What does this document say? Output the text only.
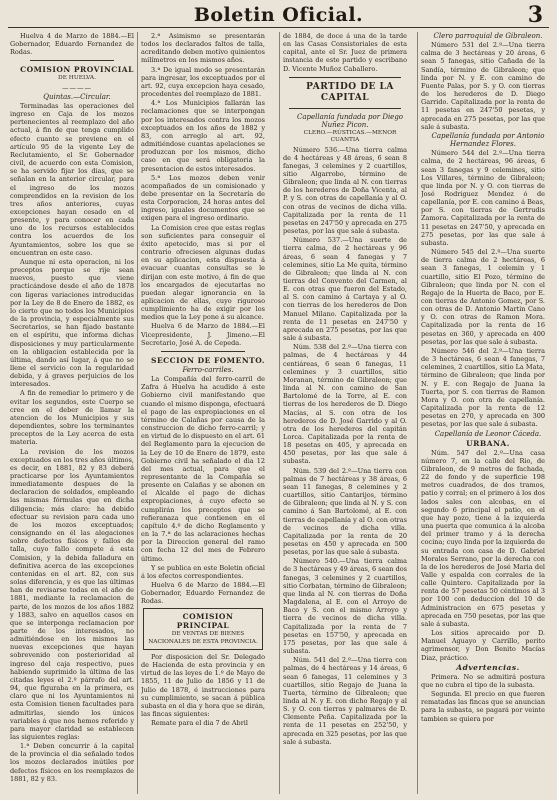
Boletin Oficial.	3

Huelva 4 de Marzo de 1884.—El Gobernador, Eduardo Fernandez de Rodas.

COMISION PROVINCIAL

DE HUELVA.

————

Quintas.—Circular.

Terminadas las operaciones del ingreso en Caja de los mozos pertenecientes al reemplazo del año actual, á fin de que tenga cumplido efecto cuanto se previene en el artículo 95 de la vigente Ley de Reclutamiento, el Sr. Gobernador civil, de acuerdo con esta Comision, se ha servido fijar los dias, que se señalan en la anterior circular, para el ingreso de los mozos comprendidos en la revision de los tres años anteriores, cuyas excepciones hayan cesado en el presente, y para conocer en cada uno de los recursos establecidos contra los acuerdos de los Ayuntamientos, sobre los que se encuentran en este caso.

Aunque ni esta operacion, ni los preceptos porque se rije sean nuevos, puesto que viene practicándose desde el año de 1878 con ligeras variaciones introducidas por la Ley de 8 de Enero de 1882, es lo cierto que no todos los Municipios de la provincia, y especialmente sus Secretarios, se han fijado bastante en el espíritu, que informa dichas disposiciones y muy particularmente en la obligacion establecida por la última, dando así lugar, á que no se llene el servicio con la regularidad debida, y á graves perjuicios de los interesados.

A fin de remediar lo primero y de evitar los segundos, este Cuerpo se cree en el deber de llamar la atencion de los Municipios y sus dependientes, sobre los terminantes preceptos de la Ley acerca de esta materia.

La revision de los mozos exceptuados en los tres años últimos, es decir, en 1881, 82 y 83 deberá practicarse por los Ayuntamientos inmediatamente despues de la declaracion de soldados, empleando las mismas fórmulas que en dicha diligencia; más claro: ha debido efectuar su revision para cada uno de los mozos exceptuados; consignando en él las alegaciones sobre defectos físicos y fallos de talla, cuyo fallo compete á esta Comision, y la debida falladura en definitiva acerca de las excepciones contenidas en el art. 82, con sus solas diferencia, y es que las últimas han de revisarse todas en el año de 1881, mediante la reclamacion de parte, de los mozos de los años 1882 y 1883, salvo en aquellos casos en que se interponga reclamacion por parte de los interesados, no admitiéndose en los mismos las nuevas excepciones que hayan sobrevenido con posterioridad al ingreso del caja respectivo, pues habiendo suprimido la última de las citadas leyes el 2.º párrafo del art. 94, que figuraba en la primera, es claro que ni los Ayuntamientos ni esta Comision tienen facultades para admitirlas, siendo los únicos variables á que nos hemos referido y para mayor claridad se establecen las siguientes reglas:

1.ª Deben concurrir á la capital de la provincia el dia señalado todos los mozos declarados inútiles por defectos físicos en los reemplazos de 1881, 82 y 83.

2.ª Asimismo se presentarán todos los declarados faltos de talla, acreditando deben motivo quinientos milímetros en los mismos años.

3.ª De igual modo se presentarán para ingresar, los exceptuados por el art. 92, cuya excepcion haya cesado, procedentes del reemplazo de 1881.

4.ª Los Municipios fallarán las reclamaciones que se interpongan por los interesados contra los mozos exceptuados en los años de 1882 y 83, con arreglo al art. 92, admitiéndose cuantas apelaciones se produzcan por los mismos, dicho caso en que será obligatoria la presentacion de estos interesados.

5.ª Los mozos deben venir acompañados de un comisionado y debe presentar en la Secretaría de esta Corporacion, 24 horas antes del ingreso, iguales documentos que se exigen para el ingreso ordinario.

La Comision cree que estas reglas son suficientes para conseguir el éxito apetecido, mas si por el contrario ofreciesen algunas dudas en su aplicacion, esta dispuesta á evacuar cuantas consultas se le dirijan con este motivo, á fin de que los encargados de ejecutarlas no puedan alegar ignorancia en la aplicacion de ellas, cuyo riguroso cumplimiento ha de exigir por los medios que la Ley pone á su alcance.

Huelva 6 de Marzo de 1884.—El Vicepresidente, J. Jimeno.—El Secretario, José A. de Cepeda.

SECCION DE FOMENTO.

Ferro-carriles.

La Compañía del ferro-carril de Zafra á Huelva ha acudido á este Gobierno civil manifestando que cuando el mismo disponga, efectuará el pago de las expropiaciones en el término de Calañas por causa de la construccion de dicho ferro-carril; y en virtud de lo dispuesto en el art. 61 del Reglamento para la ejecucion de la Ley de 10 de Enero de 1879, este Gobierno civil ha señalado el dia 12 del mes actual, para que el representante de la Compañía se presente en Calañas y se abonen en el Alcalde el pago de dichas expropiaciones, á cuyo efecto se cumplirán los preceptos que se refieranaza que contienen en el capítulo 4.º de dicho Reglamento y en la 7.ª de las aclaraciones hechas por la Direccion general del ramo con fecha 12 del mes de Febrero último.

Y se publica en este Boletin oficial á los efectos correspondientes.

Huelva 6 de Marzo de 1884.—El Gobernador, Eduardo Fernandez de Rodas.

COMISION PRINCIPAL

DE VENTAS DE BIENES NACIONALES DE ESTA PROVINCIA.

Por disposicion del Sr. Delegado de Hacienda de esta provincia y en virtud de las leyes de 1.º de Mayo de 1855, 11 de Julio de 1856 y 11 de Julio de 1878, é instrucciones para su cumplimiento, se sacan á pública subasta en el dia y hora que se dirán, las fincas siguientes:

Remate para el dia 7 de Abril

de 1884, de doce á una de la tarde en las Casas Consistoriales de esta capital, ante el Sr. Juez de primera instancia de este partido y escribano D. Vicente Muñoz Caballero.

PARTIDO DE LA CAPITAL

Capellanía fundada por Diego Nuñez Picon.

CLERO.—RÚSTICAS.—MENOR CUANTIA

Número 536.—Una tierra calma de 4 hectáreas y 48 áreas, 6 sean 8 fanegas, 3 celemines y 2 cuartillos, sitio Algarrobo, término de Gibraleon; que linda al N. con tierras de los herederos de Doña Vicenta, al P. y S. con otras de capellanía y al O. con otras de vecinos de dicha villa. Capitalizada por la renta de 11 pesetas en 247'50 y aprecada en 275 pesetas, por las que sale á subasta.

Número 537.—Una suerte de tierra calma, de 2 hectáreas y 96 áreas, 6 sean 4 fanegas y 7 celemines, sitio La Me quita, término de Gibraleon; que linda al N. con tierras del Convento del Carmen, al E. con otras que fueron del Estado, al S. con camino á Cartaya y al O. con tierras de los herederos de Don Manuel Milano. Capitalizada por la renta de 11 pesetas en 247'50 y aprecada en 275 pesetas, por las que sale á subasta.

Núm. 538 del 2.º—Una tierra con palmas, de 4 hectáreas y 44 centiáreas, 6 sean 6 fanegas, 11 celemines y 3 cuartillos, sitio Moranan, término de Gibraleon; que linda al N. con camino de San Bartolomé de la Torre, al E. con tierras de los herederos de D. Diego Macías, al S. con otra de los herederos de D. José Garrido y al O. otra de los herederos del capitán Lorca. Capitalizada por la renta de 18 pesetas en 405, y aprecada en 450 pesetas, por las que sale á subasta.

Núm. 539 del 2.º—Una tierra con palmas de 7 hectáreas y 38 áreas, 6 sean 11 fanegas, 8 celemines y 2 cuartillos, sitio Cantarijos, término de Gibraleon; que linda al N. y S. con camino á San Bartolomé, al E. con tierras de capellanía y al O. con otras de vecinos de dicha villa. Capitalizada por la renta de 20 pesetas en 450 y aprecada en 500 pesetas, por las que sale á subasta.

Número 540.—Una tierra calma de 3 hectáreas y 49 áreas, 6 sean dos fanegas, 3 celemines y 2 cuartillos, sitio Corbatan, término de Gibraleon; que linda al N. con tierras de Doña Magdalena, al E. con el Arroyo de Baco y S. con el mismo Arroyo y tierra de vecinos de dicha villa. Capitalizada por la renta de 7 pesetas en 157'50, y aprecada en 175 pesetas, por las que sale á subasta.

Núm. 541 del 2.º—Una tierra con palmas, de 4 hectáreas y 14 áreas, 6 sean 6 fanegas, 11 celemines y 3 cuartillos, sitio Regajo de Juana la Tuerta, término de Gibraleon; que linda al N. y E. con dicho Regajo y al S. y O. con tierras y palmares de D. Clemente Peña. Capitalizada por la renta de 11 pesetas en 252'50, y aprecada en 325 pesetas, por las que sale á subasta.

Clero parroquial de Gibraleon.

Número 531 del 2.º—Una tierra calma de 3 hectáreas y 20 áreas, 6 sean 5 fanegas, sitio Cañada de la Sandía, término de Gibraleon; que linda por N. y E. con camino de Fuente Palas, por S. y O. con tierras de los herederos de D. Diego Garrido. Capitalizada por la renta de 11 pesetas en 247'50 pesetas, y aprecada en 275 pesetas, por las que sale á subasta.

Capellanía fundada por Antonio Hernandez Flores.

Número 544 del 2.º—Una tierra calma, de 2 hectáreas, 96 áreas, 6 sean 3 fanegas y 9 celemines, sitio Los Villares, término de Gibraleon; que linda por N. y O. con tierras de José Rodriguez Mendez ó de capellanía, por E. con camino á Beas, por S. con tierras de Gertrudis Zamora. Capitalizada por la renta de 11 pesetas en 247'50, y aprecada en 275 pesetas, por las que sale á subasta.

Número 545 del 2.º—Una suerte de tierra calma de 2 hectáreas, 6 sean 3 fanegas, 1 celemin y 1 cuartillo, sitio El Pozo, término de Gibraleon; que linda por N. con el Regajo de la Huerta de Baco, por E. con tierras de Antonio Gomez, por S. con otras de D. Antonio Martin Cano y O. con otras de Ramon Mora. Capitalizada por la renta de 16 pesetas en 360, y aprecada en 400 pesetas, por las que sale á subasta.

Número 546 del 2.º—Una tierra de 3 hectáreas, 6 sean 4 fanegas, 7 celemines, 2 cuartillos, sitio La Mata, término de Gibraleon; que linda por N. y E. con Regajo de Juana la Tuerta, por S. con tierras de Ramon Mora y O. con otra de capellanía. Capitalizada por la renta de 12 pesetas en 270, y aprecada en 300 pesetas, por las que sale á subasta.

Capellanía de Leonor Cáceda.

URBANA.

Núm. 547 del 2.º—Una casa número 7, en la calle del Rio, de Gibraleon, de 9 metros de fachada, 22 de fondo y de superficie 198 metros cuadrados, de dos tramos, patio y corral; en el primero á los dos lados sales con alcobas, en el segundo 6 principal el patio, en el que hay pozo, tiene á la izquierda una puerta que comunica á la alcoba del primer tramo y á la derecha cocina; cuyo linda por la izquierda de su entrada con casa de D. Gabriel Morales Serrano, por la derecha con la de los herederos de José Maria del Valle y espalda con corrales de la calle Quintero. Capitalizada por la renta de 57 pesetas 50 céntimos al 3 por 100 con deduccion del 10 de Administracion en 675 pesetas y aprecada en 750 pesetas, por las que sale á subasta.

Los sitios aprecaido por D. Manuel Aguayo y Carrillo, perito agrimensor, y Don Benito Macías Diaz, práctico.

Advertencias.

Primera. No se admitirá postura que no cubra el tipo de la subasta.

Segunda. El precio en que fueren rematadas las fincas que se anuncian para la subasta, se pagará por veinte tambien se quiera por
